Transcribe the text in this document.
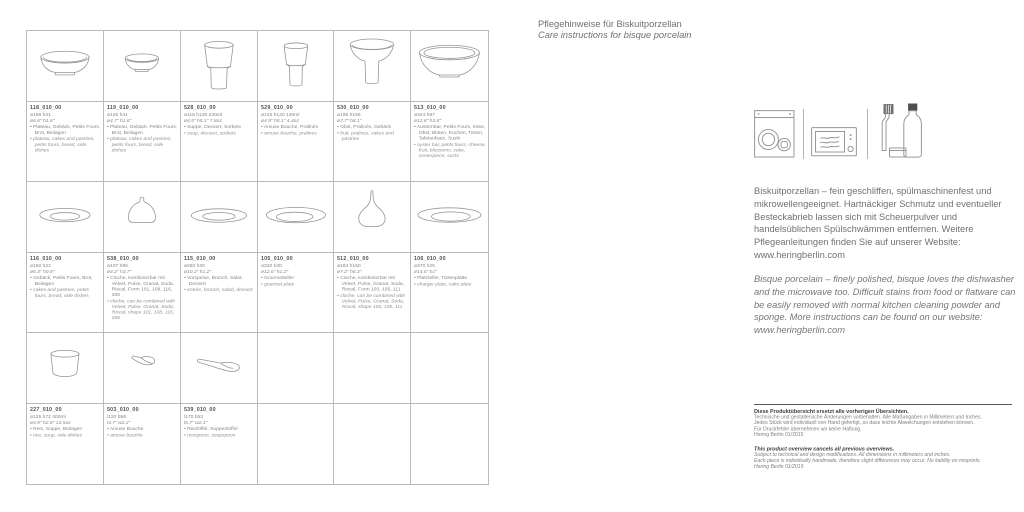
118_010_00

ø168 h41

ø6.6" h1.6"

• Plateau, Gebäck, Petits Fours, Brot, Beilagen

• plateau, cakes and pastries, petits fours, bread, side dishes

119_010_00

ø120 h41

ø4.7" h1.6"

• Plateau, Gebäck, Petits Fours, Brot, Beilagen

• plateau, cakes and pastries, petits fours, bread, side dishes

528_010_00

ø115 h130 230ml

ø4.5" h5.1" 7.8oz

• Suppe, Dessert, Sorbets

• soup, dessert, sorbets

529_010_00

ø125 h130 130ml

ø4.9" h5.1" 4.4oz

• Amuse Bouche, Pralinés

• amuse bouche, pralines

530_010_00

ø195 h155

ø7.7" h6.1"

• Obst, Pralinés, Gebäck

• fruit, pralines, cakes and pastries

513_010_00

ø324 h97

ø12.8" h3.8"

• Austernbar, Petits Fours, Käse, Obst, Blüten, Kuchen, Torten, Tafelaufsatz, Sushi

• oyster bar, petits fours, cheese, fruit, blossoms, cake, centerpiece, sushi

116_010_00

ø160 h22

ø6.3" h0.9"

• Gebäck, Petits Fours, Brot, Beilagen

• cakes and pastries, petits fours, bread, side dishes

538_010_00

ø107 h95

ø4.2" h3.7"

• Cloche, kombinierbar mit Velvet, Pulse, Granat, Soda, Riscal, Form 101, 108, 116, 206

• cloche, can be combined with Velvet, Pulse, Granat, Soda, Riscal, shape 101, 108, 116, 206

115_010_00

ø260 h30

ø10.2" h1.2"

• Vorspeise, Brunch, Salat, Dessert

• entrée, brunch, salad, dessert

105_010_00

ø320 h30

ø12.6" h1.2"

• Gourmetteller

• gourmet plate

512_010_00

ø184 h160

ø7.2" h6.3"

• Cloche, kombinierbar mit Velvet, Pulse, Granat, Soda, Riscal, Form 103, 105, 111

• cloche, can be combined with Velvet, Pulse, Granat, Soda, Riscal, shape 103, 105, 111

106_010_00

ø370 h25

ø14.6" h1"

• Platzteller, Tortenplatte

• charger plate, cake plate

227_010_00

ø125 h72 400ml

ø4.9" h2.8" 13.5oz

• Reis, Suppe, Beilagen

• rice, soup, side dishes

503_010_00

l120 b56

l4.7" w2.2"

• Amuse Bouche

• amuse bouche

539_010_00

l170 b53

l6.7" w2.1"

• Reislöffel, Suppenlöffel

• ricespoon, soupspoon

Pflegehinweise für Biskuitporzellan
Care instructions for bisque porcelain

Biskuitporzellan – fein geschliffen, spülmaschinenfest und mikrowellengeeignet. Hartnäckiger Schmutz und eventueller Besteckabrieb lassen sich mit Scheuerpulver und handelsüblichen Spülschwämmen entfernen. Weitere Pflegeanleitungen finden Sie auf unserer Website: www.heringberlin.com

Bisque porcelain – finely polished, bisque loves the dishwasher and the microwave too. Difficult stains from food or flatware can be easily removed with normal kitchen cleaning powder and sponge. More instructions can be found on our website: www.heringberlin.com

Diese Produktübersicht ersetzt alle vorherigen Übersichten.

Technische und gestalterische Änderungen vorbehalten. Alle Maßangaben in Millimetern und Inches.

Jedes Stück wird individuell von Hand gefertigt, so dass leichte Abweichungen entstehen können.

Für Druckfehler übernehmen wir keine Haftung.

Hering Berlin 01/2015

This product overview cancels all previous overviews.

Subject to technical and design modifications. All dimensions in millimeters and inches.

Each piece is individually handmade, therefore slight differences may occur. No liability on misprints.

Hering Berlin 01/2015
